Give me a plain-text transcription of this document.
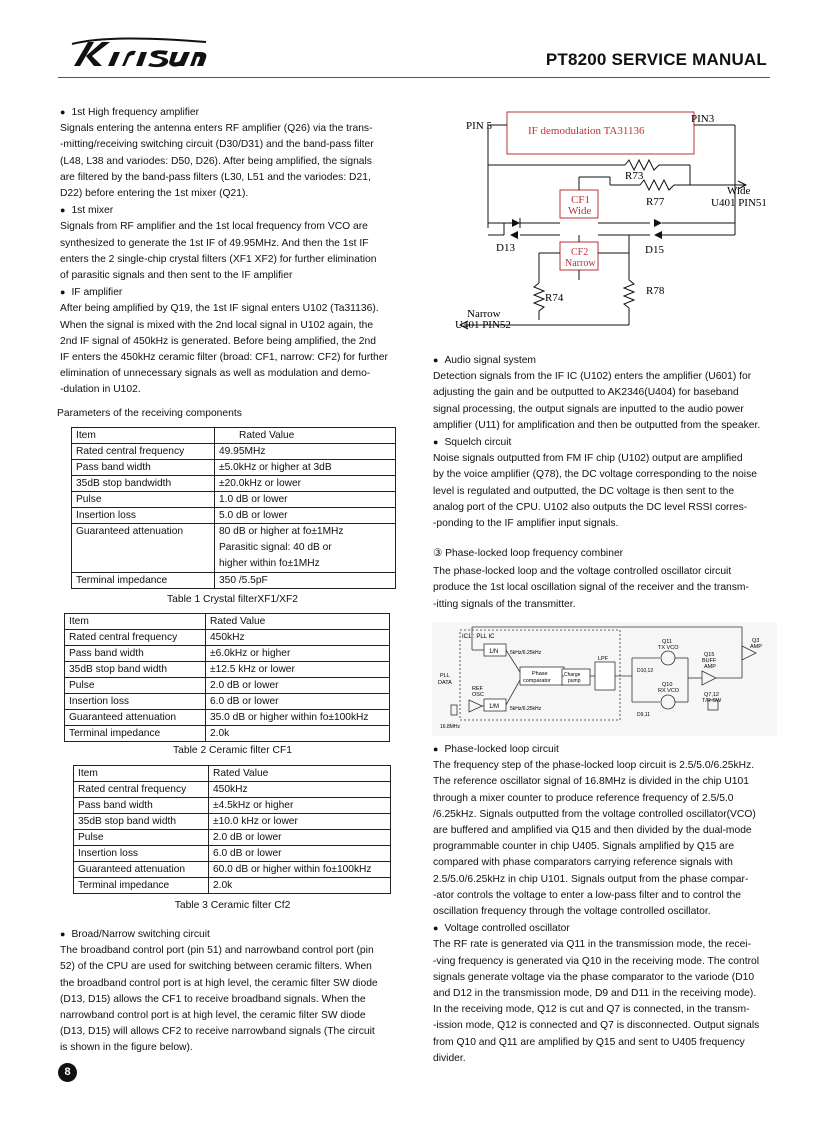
PT8200 SERVICE MANUAL

● 1st High frequency amplifier

Signals entering the antenna enters RF amplifier (Q26) via the trans-

-mitting/receiving switching circuit (D30/D31) and the band-pass filter

(L48, L38 and variodes: D50, D26). After being amplified, the signals

are filtered by the band-pass filters (L30, L51 and the variodes: D21,

D22) before entering the 1st mixer (Q21).

● 1st mixer

Signals from RF amplifier and the 1st local frequency from VCO are

synthesized to generate the 1st IF of 49.95MHz. And then the 1st IF

enters the 2 single-chip crystal filters (XF1 XF2) for further elimination

of parasitic signals and then sent to the IF amplifier

● IF amplifier

After being amplified by Q19, the 1st IF signal enters U102 (Ta31136).

When the signal is mixed with the 2nd local signal in U102 again, the

2nd IF signal of 450kHz is generated. Before being amplified, the 2nd

IF enters the 450kHz ceramic filter (broad: CF1, narrow: CF2) for further

elimination of unnecessary signals as well as modulation and demo-

-dulation in U102.

Parameters of the receiving components
Item	Rated Value
Rated central frequency	49.95MHz
Pass band width	±5.0kHz or higher at 3dB
35dB stop bandwidth	±20.0kHz or lower
Pulse	1.0 dB or lower
Insertion loss	5.0 dB or lower
Guaranteed attenuation	80 dB or higher at fo±1MHz
Parasitic signal: 40 dB or
higher within fo±1MHz
Terminal impedance	350 /5.5pF
Table 1 Crystal filterXF1/XF2
Item	Rated Value
Rated central frequency	450kHz
Pass band width	±6.0kHz or higher
35dB stop band width	±12.5 kHz or lower
Pulse	2.0 dB or lower
Insertion loss	6.0 dB or lower
Guaranteed attenuation	35.0 dB or higher within fo±100kHz
Terminal impedance	2.0k
Table 2 Ceramic filter CF1
Item	Rated Value
Rated central frequency	450kHz
Pass band width	±4.5kHz or higher
35dB stop band width	±10.0 kHz or lower
Pulse	2.0 dB or lower
Insertion loss	6.0 dB or lower
Guaranteed attenuation	60.0 dB or higher within fo±100kHz
Terminal impedance	2.0k
Table 3 Ceramic filter Cf2

● Broad/Narrow switching circuit

The broadband control port (pin 51) and narrowband control port (pin

52) of the CPU are used for switching between ceramic filters. When

the broadband control port is at high level, the ceramic filter SW diode

(D13, D15) allows the CF1 to receive broadband signals. When the

narrowband control port is at high level, the ceramic filter SW diode

(D13, D15) will allows CF2 to receive narrowband signals (The circuit

is shown in the figure below).

8
PIN 5
PIN3
IF demodulation TA31136
R73
R77
CF1
Wide
CF2
Narrow
D13	D15
R74
R78
Wide
U401 PIN51
Narrow
U401 PIN52

● Audio signal system

Detection signals from the IF IC (U102) enters the amplifier (U601) for

adjusting the gain and be outputted to AK2346(U404) for baseband

signal processing, the output signals are inputted to the audio power

amplifier (U11) for amplification and then be outputted from the speaker.

● Squelch circuit

Noise signals outputted from FM IF chip (U102) output are amplified

by the voice amplifier (Q78), the DC voltage corresponding to the noise

level is regulated and outputted, the DC voltage is then sent to the

analog port of the CPU. U102 also outputs the DC level RSSI corres-

-ponding to the IF amplifier input signals.

③ Phase-locked loop frequency combiner

The phase-locked loop and the voltage controlled oscillator circuit

produce the 1st local oscillation signal of the receiver and the transm-

-itting signals of the transmitter.

IC1 : PLL IC
1/N
1/M
5kHz/6.25kHz
5kHz/6.25kHz
Phase
comparator
PLL
DATA
REF
OSC
16.8MHz
Charge
pump
LPF
Q11
TX VCO
D10,12
Q10
RX VCO
D9,11
Q15
BUFF
AMP
Q7,12
T/R SW
Q3
AMP

● Phase-locked loop circuit

The frequency step of the phase-locked loop circuit is 2.5/5.0/6.25kHz.

The reference oscillator signal of 16.8MHz is divided in the chip U101

through a mixer counter to produce reference frequency of 2.5/5.0

/6.25kHz. Signals outputted from the voltage controlled oscillator(VCO)

are buffered and amplified via Q15 and then divided by the dual-mode

programmable counter in chip U405. Signals amplified by Q15 are

compared with phase comparators carrying reference signals with

2.5/5.0/6.25kHz in chip U101. Signals output from the phase compar-

-ator controls the voltage to enter a low-pass filter and to control the

oscillation frequency through the voltage controlled oscillator.

● Voltage controlled oscillator

The RF rate is generated via Q11 in the transmission mode, the recei-

-ving frequency is generated via Q10 in the receiving mode. The control

signals generate voltage via the phase comparator to the variode (D10

and D12 in the transmission mode, D9 and D11 in the receiving mode).

In the receiving mode, Q12 is cut and Q7 is connected, in the transm-

-ission mode, Q12 is connected and Q7 is disconnected. Output signals

from Q10 and Q11 are amplified by Q15 and sent to U405 frequency

divider.
